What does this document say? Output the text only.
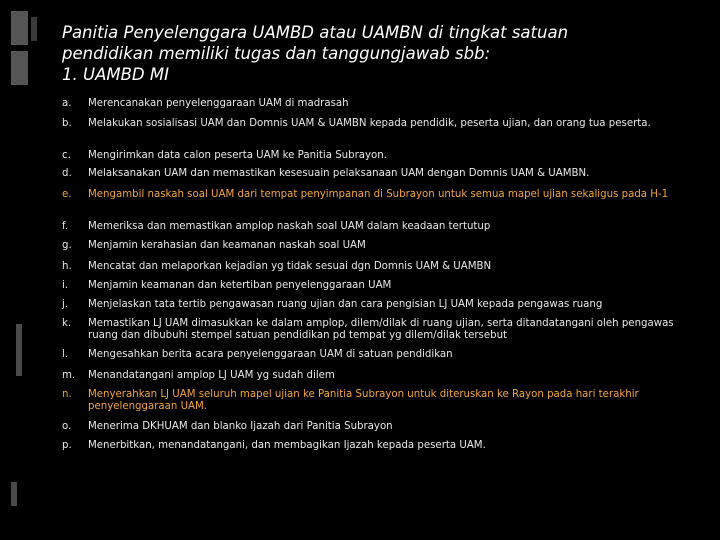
Panitia Penyelenggara UAMBD atau UAMBN di tingkat satuan
pendidikan memiliki tugas dan tanggungjawab sbb:
1. UAMBD MI
a.	Merencanakan penyelenggaraan UAM di madrasah
b.	Melakukan sosialisasi UAM dan Domnis UAM & UAMBN kepada pendidik, peserta ujian, dan orang tua peserta.
c.	Mengirimkan data calon peserta UAM ke Panitia Subrayon.
d.	Melaksanakan UAM dan memastikan kesesuain pelaksanaan UAM dengan Domnis UAM & UAMBN.
e.	Mengambil naskah soal UAM dari tempat penyimpanan di Subrayon untuk semua mapel ujian sekaligus pada H-1
f.	Memeriksa dan memastikan amplop naskah soal UAM dalam keadaan tertutup
g.	Menjamin kerahasian dan keamanan naskah soal UAM
h.	Mencatat dan melaporkan kejadian yg tidak sesuai dgn Domnis UAM & UAMBN
i.	Menjamin keamanan dan ketertiban penyelenggaraan UAM
j.	Menjelaskan tata tertib pengawasan ruang ujian dan cara pengisian LJ UAM kepada pengawas ruang
k.	Memastikan LJ UAM dimasukkan ke dalam amplop, dilem/dilak di ruang ujian, serta ditandatangani oleh pengawas ruang dan dibubuhi stempel satuan pendidikan pd tempat yg dilem/dilak tersebut
l.	Mengesahkan berita acara penyelenggaraan UAM di satuan pendidikan
m.	Menandatangani amplop LJ UAM yg sudah dilem
n.	Menyerahkan LJ UAM seluruh mapel ujian ke Panitia Subrayon untuk diteruskan ke Rayon pada hari terakhir penyelenggaraan UAM.
o.	Menerima DKHUAM dan blanko Ijazah dari Panitia Subrayon
p.	Menerbitkan, menandatangani, dan membagikan Ijazah kepada peserta UAM.
